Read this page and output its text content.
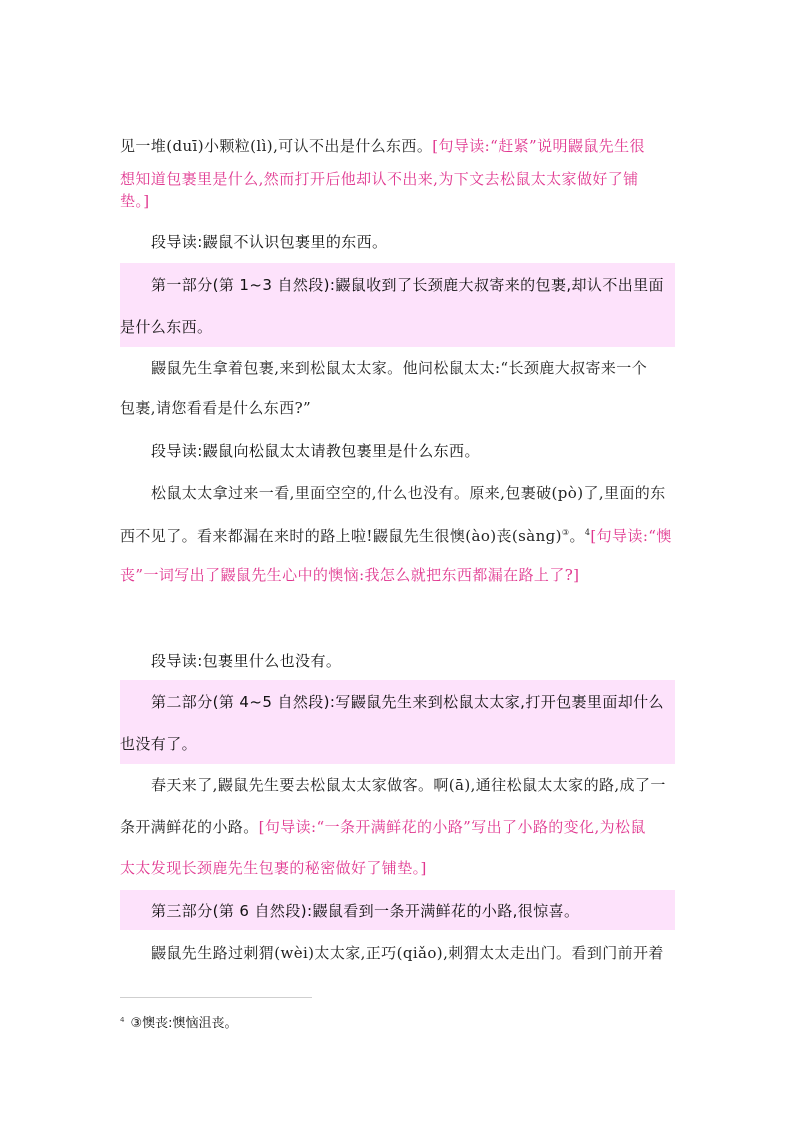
见一堆(duī)小颗粒(lì),可认不出是什么东西。[句导读:“赶紧”说明鼹鼠先生很
想知道包裹里是什么,然而打开后他却认不出来,为下文去松鼠太太家做好了铺
垫。]
段导读:鼹鼠不认识包裹里的东西。
第一部分(第 1~3 自然段):鼹鼠收到了长颈鹿大叔寄来的包裹,却认不出里面
是什么东西。
鼹鼠先生拿着包裹,来到松鼠太太家。他问松鼠太太:“长颈鹿大叔寄来一个
包裹,请您看看是什么东西?”
段导读:鼹鼠向松鼠太太请教包裹里是什么东西。
松鼠太太拿过来一看,里面空空的,什么也没有。原来,包裹破(pò)了,里面的东
西不见了。看来都漏在来时的路上啦!鼹鼠先生很懊(ào)丧(sànɡ)③。$^4$[句导读:“懊
丧”一词写出了鼹鼠先生心中的懊恼:我怎么就把东西都漏在路上了?]
段导读:包裹里什么也没有。
第二部分(第 4~5 自然段):写鼹鼠先生来到松鼠太太家,打开包裹里面却什么
也没有了。
春天来了,鼹鼠先生要去松鼠太太家做客。啊(ā),通往松鼠太太家的路,成了一
条开满鲜花的小路。[句导读:“一条开满鲜花的小路”写出了小路的变化,为松鼠
太太发现长颈鹿先生包裹的秘密做好了铺垫。]
第三部分(第 6 自然段):鼹鼠看到一条开满鲜花的小路,很惊喜。
鼹鼠先生路过刺猬(wèi)太太家,正巧(qiǎo),刺猬太太走出门。看到门前开着
$^4$ ③懊丧:懊恼沮丧。
